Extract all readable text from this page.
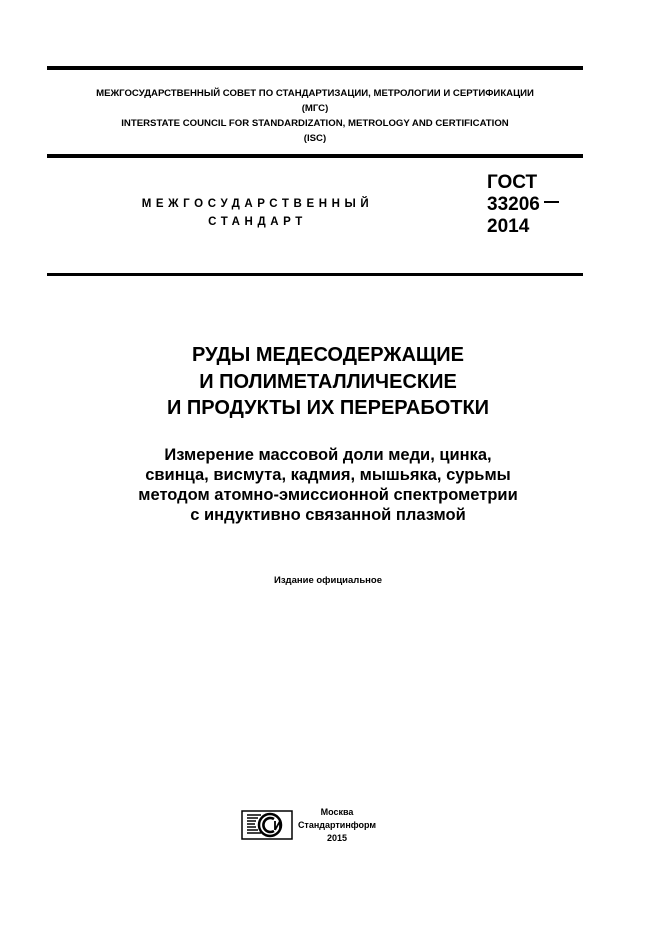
МЕЖГОСУДАРСТВЕННЫЙ СОВЕТ ПО СТАНДАРТИЗАЦИИ, МЕТРОЛОГИИ И СЕРТИФИКАЦИИ
(МГС)
INTERSTATE COUNCIL FOR STANDARDIZATION, METROLOGY AND CERTIFICATION
(ISC)
МЕЖГОСУДАРСТВЕННЫЙ
СТАНДАРТ
ГОСТ
33206
2014
РУДЫ МЕДЕСОДЕРЖАЩИЕ
И ПОЛИМЕТАЛЛИЧЕСКИЕ
И ПРОДУКТЫ ИХ ПЕРЕРАБОТКИ
Измерение массовой доли меди, цинка,
свинца, висмута, кадмия, мышьяка, сурьмы
методом атомно-эмиссионной спектрометрии
с индуктивно связанной плазмой
Издание официальное
Москва
Стандартинформ
2015
